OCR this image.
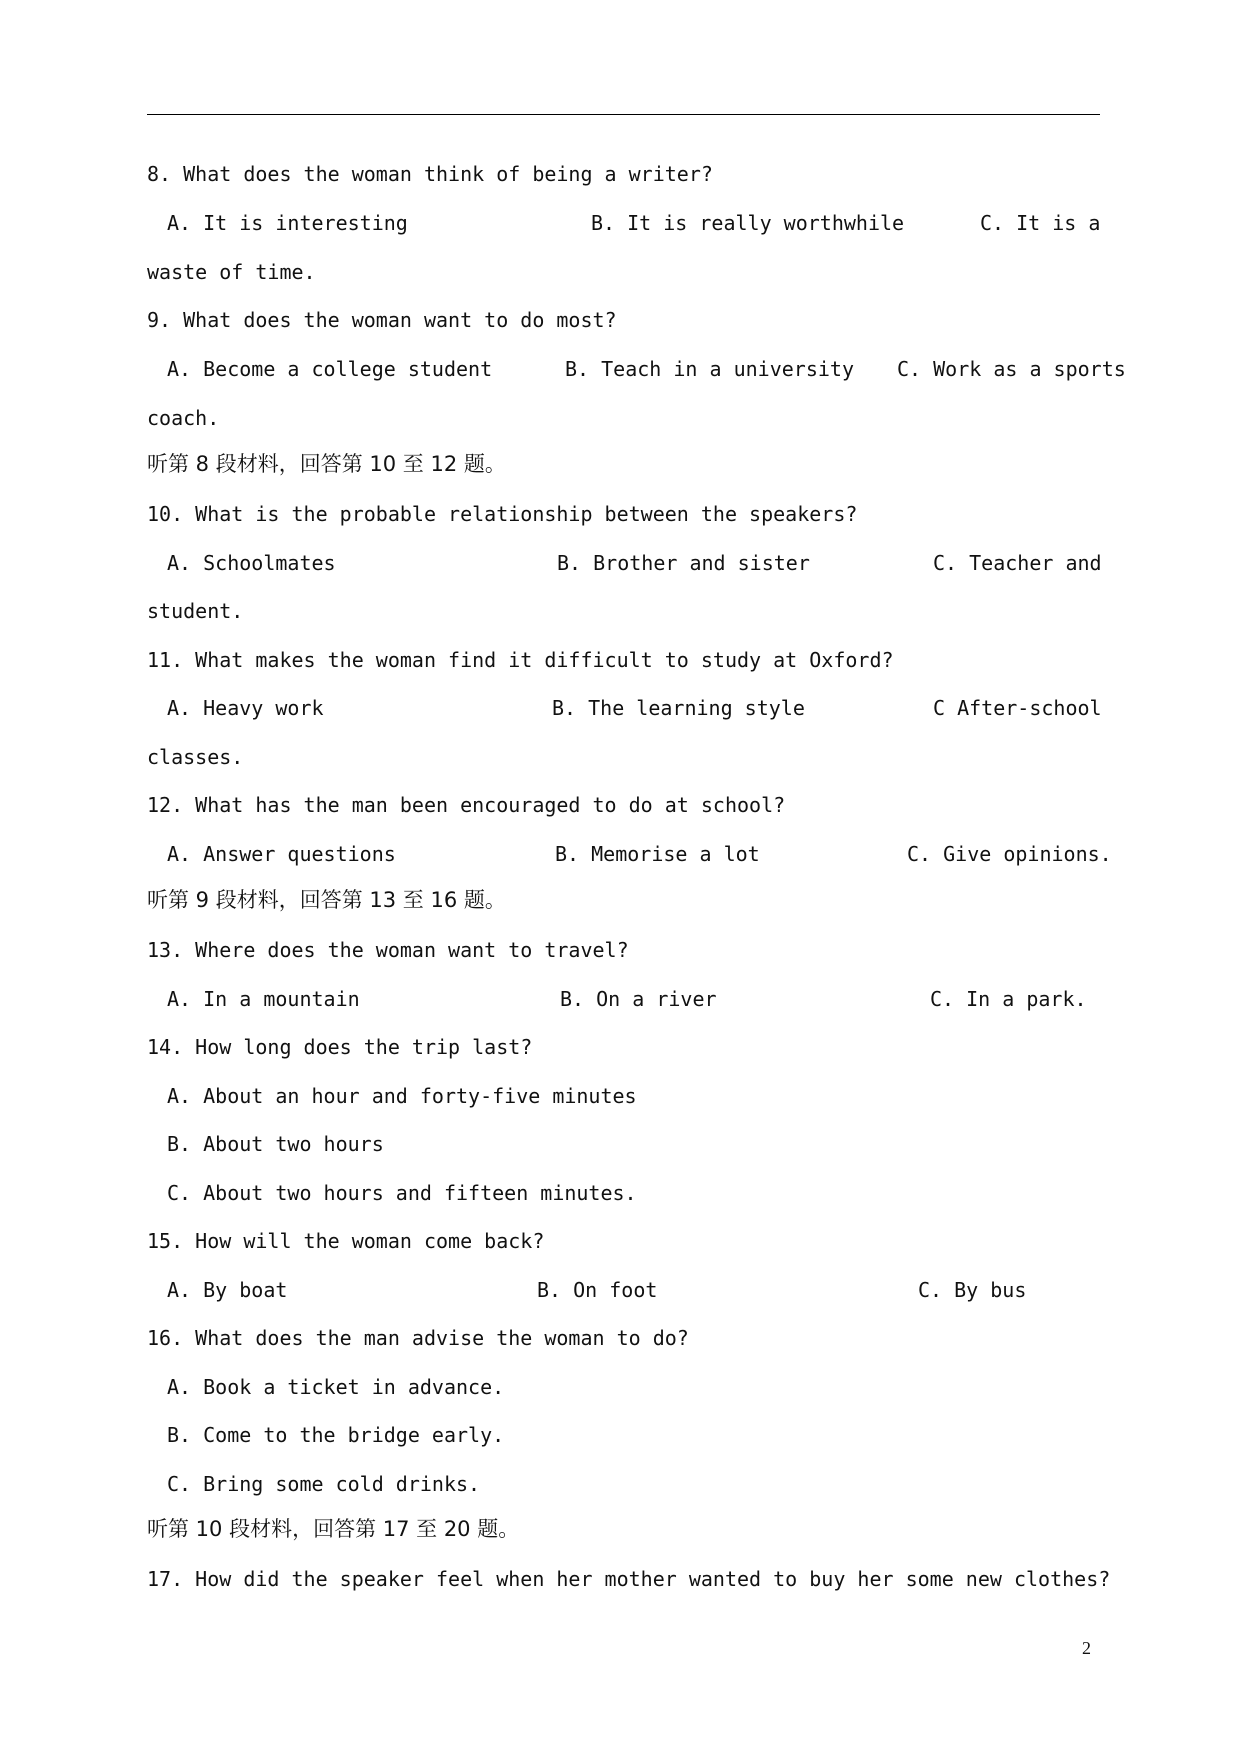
8. What does the woman think of being a writer?
A. It is interesting	B. It is really worthwhile	C. It is a
waste of time.
9. What does the woman want to do most?
A. Become a college student	B. Teach in a university C. Work as a sports
coach.
听第 8 段材料，回答第 10 至 12 题。
10. What is the probable relationship between the speakers?
A. Schoolmates	B. Brother and sister	C. Teacher and
student.
11. What makes the woman find it difficult to study at Oxford?
A. Heavy work	B. The learning style	C After-school
classes.
12. What has the man been encouraged to do at school?
A. Answer questions	B. Memorise a lot	C. Give opinions.
听第 9 段材料，回答第 13 至 16 题。
13. Where does the woman want to travel?
A. In a mountain	B. On a river	C. In a park.
14. How long does the trip last?
A. About an hour and forty-five minutes
B. About two hours
C. About two hours and fifteen minutes.
15. How will the woman come back?
A. By boat	B. On foot	C. By bus
16. What does the man advise the woman to do?
A. Book a ticket in advance.
B. Come to the bridge early.
C. Bring some cold drinks.
听第 10 段材料，回答第 17 至 20 题。
17. How did the speaker feel when her mother wanted to buy her some new clothes?
2
